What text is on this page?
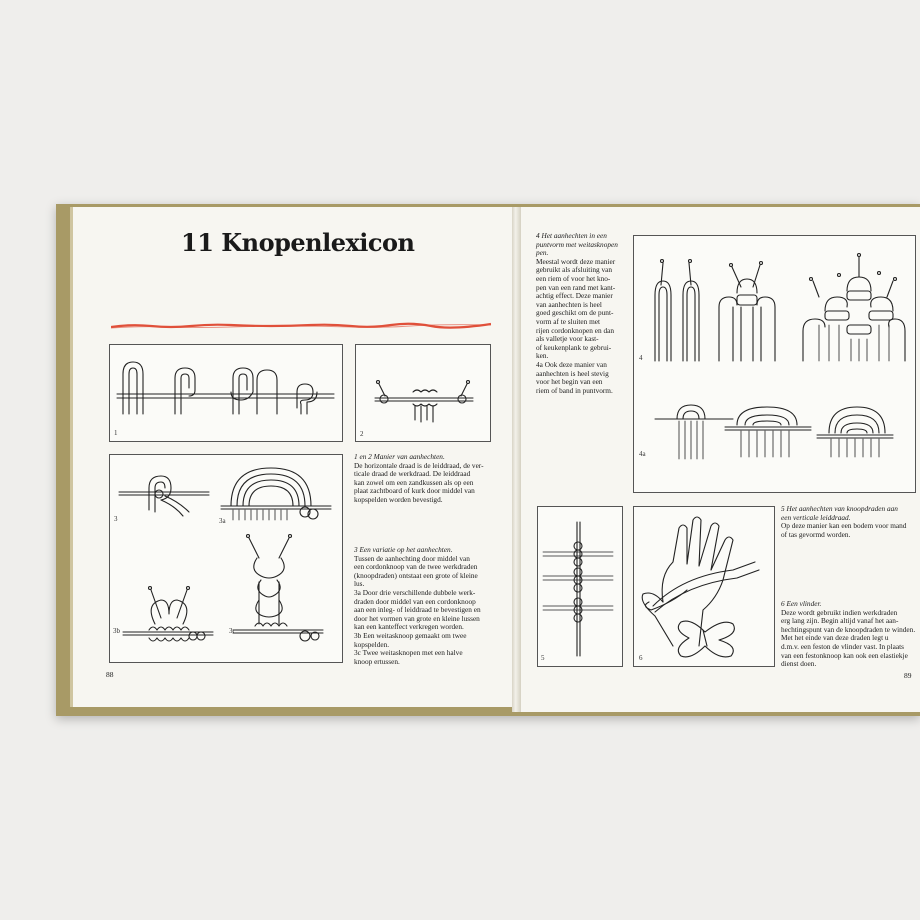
11 Knopenlexicon
1	2
3	3a
3b	3c

1 en 2 Manier van aanhechten.

De horizontale draad is de leiddraad, de ver-

ticale draad de werkdraad. De leiddraad

kan zowel om een zandkussen als op een

plaat zachtboard of kurk door middel van

kopspelden worden bevestigd.

3 Een variatie op het aanhechten.

Tussen de aanhechting door middel van

een cordonknoop van de twee werkdraden

(knoopdraden) ontstaat een grote of kleine

lus.

3a Door drie verschillende dubbele werk-

draden door middel van een cordonknoop

aan een inleg- of leiddraad te bevestigen en

door het vormen van grote en kleine lussen

kan een kanteffect verkregen worden.

3b Een weitasknoop gemaakt om twee

kopspelden.

3c Twee weitasknopen met een halve

knoop ertussen.

88

4 Het aanhechten in een

puntvorm met weitasknopen

pen.

Meestal wordt deze manier

gebruikt als afsluiting van

een riem of voor het kno-

pen van een rand met kant-

achtig effect. Deze manier

van aanhechten is heel

goed geschikt om de punt-

vorm af te sluiten met

rijen cordonknopen en dan

als valletje voor kast-

of keukenplank te gebrui-

ken.

4a Ook deze manier van

aanhechten is heel stevig

voor het begin van een

riem of band in puntvorm.

4
4a
5	6

5 Het aanhechten van knoopdraden aan

een verticale leiddraad.

Op deze manier kan een bodem voor mand

of tas gevormd worden.

6 Een vlinder.

Deze wordt gebruikt indien werkdraden

erg lang zijn. Begin altijd vanaf het aan-

hechtingspunt van de knoopdraden te winden.

Met het einde van deze draden legt u

d.m.v. een feston de vlinder vast. In plaats

van een festonknoop kan ook een elastiekje

dienst doen.

89
